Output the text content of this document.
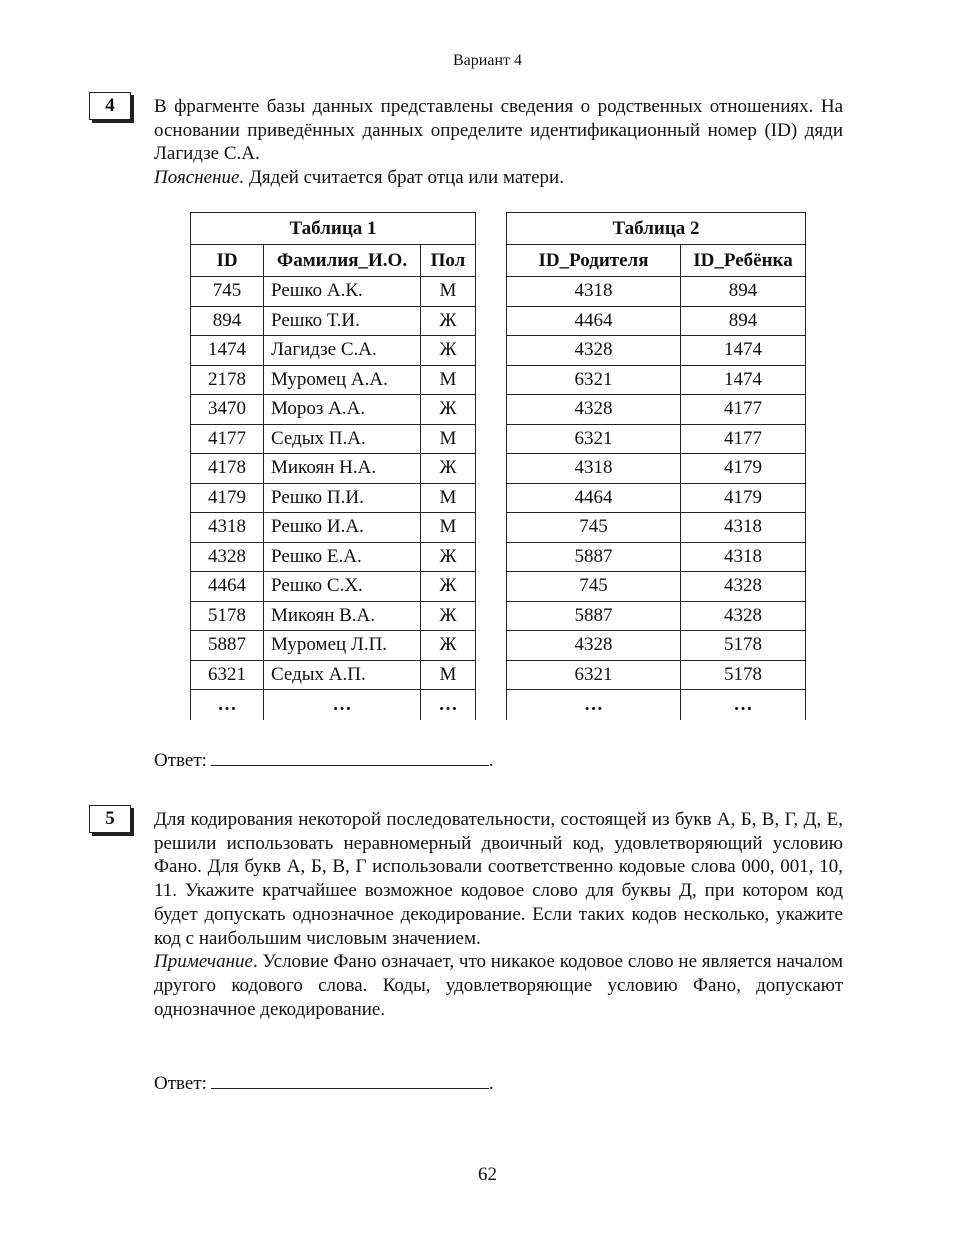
Вариант 4
4	В фрагменте базы данных представлены сведения о родственных отношениях. На основании приведённых данных определите идентификационный номер (ID) дяди Лагидзе С.А.

Пояснение. Дядей считается брат отца или матери.

Таблица 1		
ID	Фамилия_И.О.	Пол
745	Решко А.К.	М
894	Решко Т.И.	Ж
1474	Лагидзе С.А.	Ж
2178	Муромец А.А.	М
3470	Мороз А.А.	Ж
4177	Седых П.А.	М
4178	Микоян Н.А.	Ж
4179	Решко П.И.	М
4318	Решко И.А.	М
4328	Решко Е.А.	Ж
4464	Решко С.Х.	Ж
5178	Микоян В.А.	Ж
5887	Муромец Л.П.	Ж
6321	Седых А.П.	М
…	…	…
Таблица 2	
ID_Родителя	ID_Ребёнка
4318	894
4464	894
4328	1474
6321	1474
4328	4177
6321	4177
4318	4179
4464	4179
745	4318
5887	4318
745	4328
5887	4328
4328	5178
6321	5178
…	…
Ответ:	.
5	Для кодирования некоторой последовательности, состоящей из букв А, Б, В, Г, Д, Е, решили использовать неравномерный двоичный код, удовлетворяющий условию Фано. Для букв А, Б, В, Г использовали соответственно кодовые слова 000, 001, 10, 11. Укажите кратчайшее возможное кодовое слово для буквы Д, при котором код будет допускать однозначное декодирование. Если таких кодов несколько, укажите код с наибольшим числовым значением.

Примечание. Условие Фано означает, что никакое кодовое слово не является началом другого кодового слова. Коды, удовлетворяющие условию Фано, допускают однозначное декодирование.

Ответ:	.
62
